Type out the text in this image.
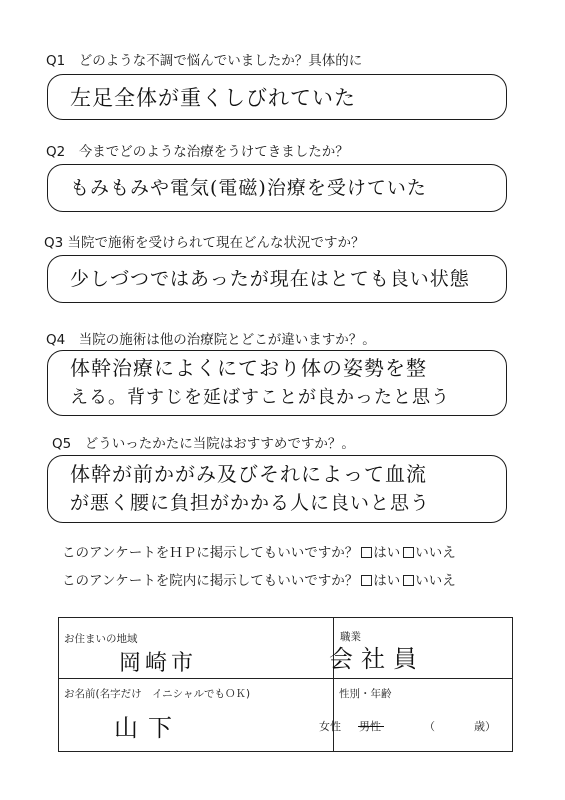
Q1　どのような不調で悩んでいましたか？具体的に
左足全体が重くしびれていた
Q2　今までどのような治療をうけてきましたか？
もみもみや電気(電磁)治療を受けていた
Q3 当院で施術を受けられて現在どんな状況ですか？
少しづつではあったが現在はとても良い状態
Q4　当院の施術は他の治療院とどこが違いますか？。
体幹治療によくにており体の姿勢を整
える。背すじを延ばすことが良かったと思う
Q5　どういったかたに当院はおすすめですか？。
体幹が前かがみ及びそれによって血流
が悪く腰に負担がかかる人に良いと思う
このアンケートをＨＰに掲示してもいいですか？ はい いいえ
このアンケートを院内に掲示してもいいですか？ はい いいえ
お住まいの地域
岡崎市
職業
会社員
お名前(名字だけ　イニシャルでもＯＫ)
山下
性別・年齢
女性 男性	（	歳）
